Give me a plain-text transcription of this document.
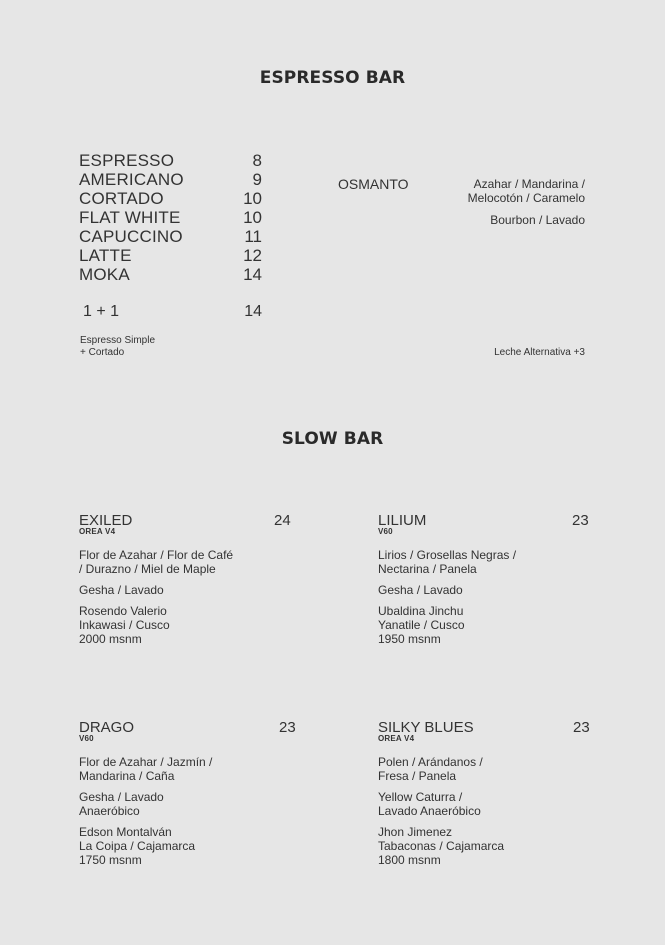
ESPRESSO BAR
ESPRESSO	8
AMERICANO	9
CORTADO	10
FLAT WHITE	10
CAPUCCINO	11
LATTE	12
MOKA	14
1 + 1	14
Espresso Simple
+ Cortado
OSMANTO	Azahar / Mandarina /
Melocotón / Caramelo
Bourbon / Lavado
Leche Alternativa +3
SLOW BAR
EXILED	24
OREA V4

Flor de Azahar / Flor de Café

/ Durazno / Miel de Maple

Gesha / Lavado

Rosendo Valerio

Inkawasi / Cusco

2000 msnm

LILIUM	23
V60

Lirios / Grosellas Negras /

Nectarina / Panela

Gesha / Lavado

Ubaldina Jinchu

Yanatile / Cusco

1950 msnm

DRAGO	23
V60

Flor de Azahar / Jazmín /

Mandarina / Caña

Gesha / Lavado

Anaeróbico

Edson Montalván

La Coipa / Cajamarca

1750 msnm

SILKY BLUES	23
OREA V4

Polen / Arándanos /

Fresa / Panela

Yellow Caturra /

Lavado Anaeróbico

Jhon Jimenez

Tabaconas / Cajamarca

1800 msnm
